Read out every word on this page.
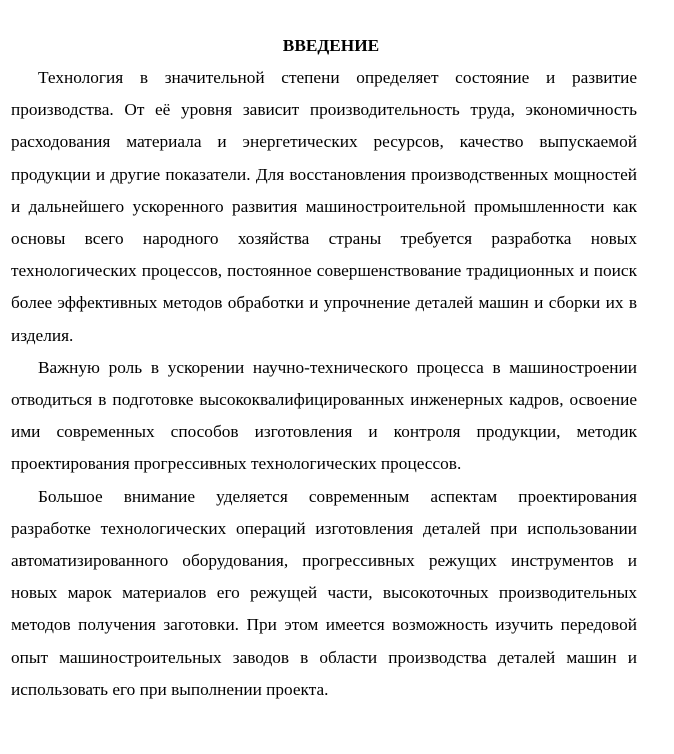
ВВЕДЕНИЕ

Технология в значительной степени определяет состояние и развитие производства. От её уровня зависит производительность труда, экономичность расходования материала и энергетических ресурсов, качество выпускаемой продукции и другие показатели. Для восстановления производственных мощностей и дальнейшего ускоренного развития машиностроительной промышленности как основы всего народного хозяйства страны требуется разработка новых технологических процессов, постоянное совершенствование традиционных и поиск более эффективных методов обработки и упрочнение деталей машин и сборки их в изделия.

Важную роль в ускорении научно-технического процесса в машиностроении отводиться в подготовке высококвалифицированных инженерных кадров, освоение ими современных способов изготовления и контроля продукции, методик проектирования прогрессивных технологических процессов.

Большое внимание уделяется современным аспектам проектирования разработке технологических операций изготовления деталей при использовании автоматизированного оборудования, прогрессивных режущих инструментов и новых марок материалов его режущей части, высокоточных производительных методов получения заготовки. При этом имеется возможность изучить передовой опыт машиностроительных заводов в области производства деталей машин и использовать его при выполнении проекта.
